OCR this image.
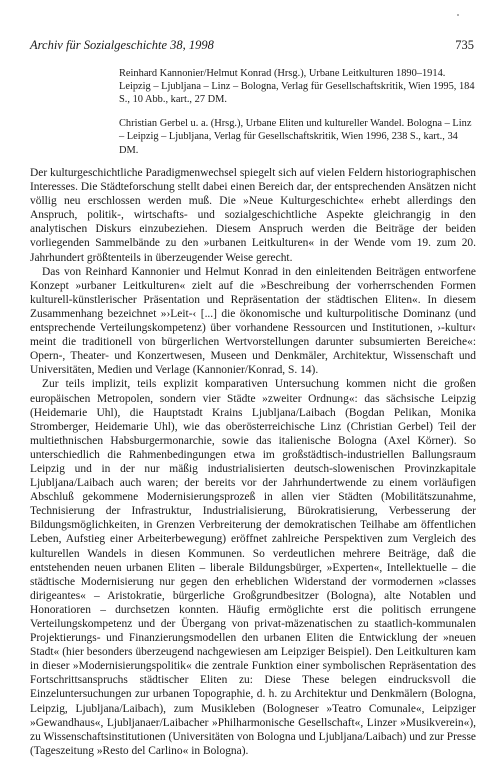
Archiv für Sozialgeschichte 38, 1998	735

Reinhard Kannonier/Helmut Konrad (Hrsg.), Urbane Leitkulturen 1890–1914. Leipzig – Ljubljana – Linz – Bologna, Verlag für Gesellschaftskritik, Wien 1995, 184 S., 10 Abb., kart., 27 DM.

Christian Gerbel u. a. (Hrsg.), Urbane Eliten und kultureller Wandel. Bologna – Linz – Leipzig – Ljubljana, Verlag für Gesellschaftskritik, Wien 1996, 238 S., kart., 34 DM.

Der kulturgeschichtliche Paradigmenwechsel spiegelt sich auf vielen Feldern historiographischen Interesses. Die Städteforschung stellt dabei einen Bereich dar, der entsprechenden Ansätzen nicht völlig neu erschlossen werden muß. Die »Neue Kulturgeschichte« erhebt allerdings den Anspruch, politik-, wirtschafts- und sozialgeschichtliche Aspekte gleichrangig in den analytischen Diskurs einzubeziehen. Diesem Anspruch werden die Beiträge der beiden vorliegenden Sammelbände zu den »urbanen Leitkulturen« in der Wende vom 19. zum 20. Jahrhundert größtenteils in überzeugender Weise gerecht.

Das von Reinhard Kannonier und Helmut Konrad in den einleitenden Beiträgen entworfene Konzept »urbaner Leitkulturen« zielt auf die »Beschreibung der vorherrschenden Formen kulturell-künstlerischer Präsentation und Repräsentation der städtischen Eliten«. In diesem Zusammenhang bezeichnet »›Leit-‹ [...] die ökonomische und kulturpolitische Dominanz (und entsprechende Verteilungskompetenz) über vorhandene Ressourcen und Institutionen, ›-kultur‹ meint die traditionell von bürgerlichen Wertvorstellungen darunter subsumierten Bereiche«: Opern-, Theater- und Konzertwesen, Museen und Denkmäler, Architektur, Wissenschaft und Universitäten, Medien und Verlage (Kannonier/Konrad, S. 14).

Zur teils implizit, teils explizit komparativen Untersuchung kommen nicht die großen europäischen Metropolen, sondern vier Städte »zweiter Ordnung«: das sächsische Leipzig (Heidemarie Uhl), die Hauptstadt Krains Ljubljana/Laibach (Bogdan Pelikan, Monika Stromberger, Heidemarie Uhl), wie das oberösterreichische Linz (Christian Gerbel) Teil der multiethnischen Habsburgermonarchie, sowie das italienische Bologna (Axel Körner). So unterschiedlich die Rahmenbedingungen etwa im großstädtisch-industriellen Ballungsraum Leipzig und in der nur mäßig industrialisierten deutsch-slowenischen Provinzkapitale Ljubljana/Laibach auch waren; der bereits vor der Jahrhundertwende zu einem vorläufigen Abschluß gekommene Modernisierungsprozeß in allen vier Städten (Mobilitätszunahme, Technisierung der Infrastruktur, Industrialisierung, Bürokratisierung, Verbesserung der Bildungsmöglichkeiten, in Grenzen Verbreiterung der demokratischen Teilhabe am öffentlichen Leben, Aufstieg einer Arbeiterbewegung) eröffnet zahlreiche Perspektiven zum Vergleich des kulturellen Wandels in diesen Kommunen. So verdeutlichen mehrere Beiträge, daß die entstehenden neuen urbanen Eliten – liberale Bildungsbürger, »Experten«, Intellektuelle – die städtische Modernisierung nur gegen den erheblichen Widerstand der vormodernen »classes dirigeantes« – Aristokratie, bürgerliche Großgrundbesitzer (Bologna), alte Notablen und Honoratioren – durchsetzen konnten. Häufig ermöglichte erst die politisch errungene Verteilungskompetenz und der Übergang von privat-mäzenatischen zu staatlich-kommunalen Projektierungs- und Finanzierungsmodellen den urbanen Eliten die Entwicklung der »neuen Stadt« (hier besonders überzeugend nachgewiesen am Leipziger Beispiel). Den Leitkulturen kam in dieser »Modernisierungspolitik« die zentrale Funktion einer symbolischen Repräsentation des Fortschrittsanspruchs städtischer Eliten zu: Diese These belegen eindrucksvoll die Einzeluntersuchungen zur urbanen Topographie, d. h. zu Architektur und Denkmälern (Bologna, Leipzig, Ljubljana/Laibach), zum Musikleben (Bologneser »Teatro Comunale«, Leipziger »Gewandhaus«, Ljubljanaer/Laibacher »Philharmonische Gesellschaft«, Linzer »Musikverein«), zu Wissenschaftsinstitutionen (Universitäten von Bologna und Ljubljana/Laibach) und zur Presse (Tageszeitung »Resto del Carlino« in Bologna).
